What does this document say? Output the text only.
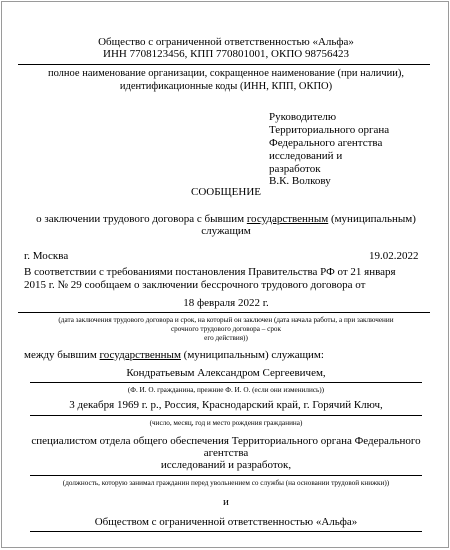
Общество с ограниченной ответственностью «Альфа»
ИНН 7708123456, КПП 770801001, ОКПО 98756423
полное наименование организации, сокращенное наименование (при наличии),
идентификационные коды (ИНН, КПП, ОКПО)
Руководителю
Территориального органа
Федерального агентства
исследований и
разработок
В.К. Волкову
СООБЩЕНИЕ
о заключении трудового договора с бывшим государственным (муниципальным)
служащим
г. Москва	19.02.2022
В соответствии с требованиями постановления Правительства РФ от 21 января
2015 г. № 29 сообщаем о заключении бессрочного трудового договора от
18 февраля 2022 г.
(дата заключения трудового договора и срок, на который он заключен (дата начала работы, а при заключении
срочного трудового договора – срок
его действия))
между бывшим государственным (муниципальным) служащим:
Кондратьевым Александром Сергеевичем,
(Ф. И. О. гражданина, прежние Ф. И. О. (если они изменились))
3 декабря 1969 г. р., Россия, Краснодарский край, г. Горячий Ключ,
(число, месяц, год и место рождения гражданина)
специалистом отдела общего обеспечения Территориального органа Федерального
агентства
исследований и разработок,
(должность, которую занимал гражданин перед увольнением со службы (на основании трудовой книжки))
и
Обществом с ограниченной ответственностью «Альфа»
